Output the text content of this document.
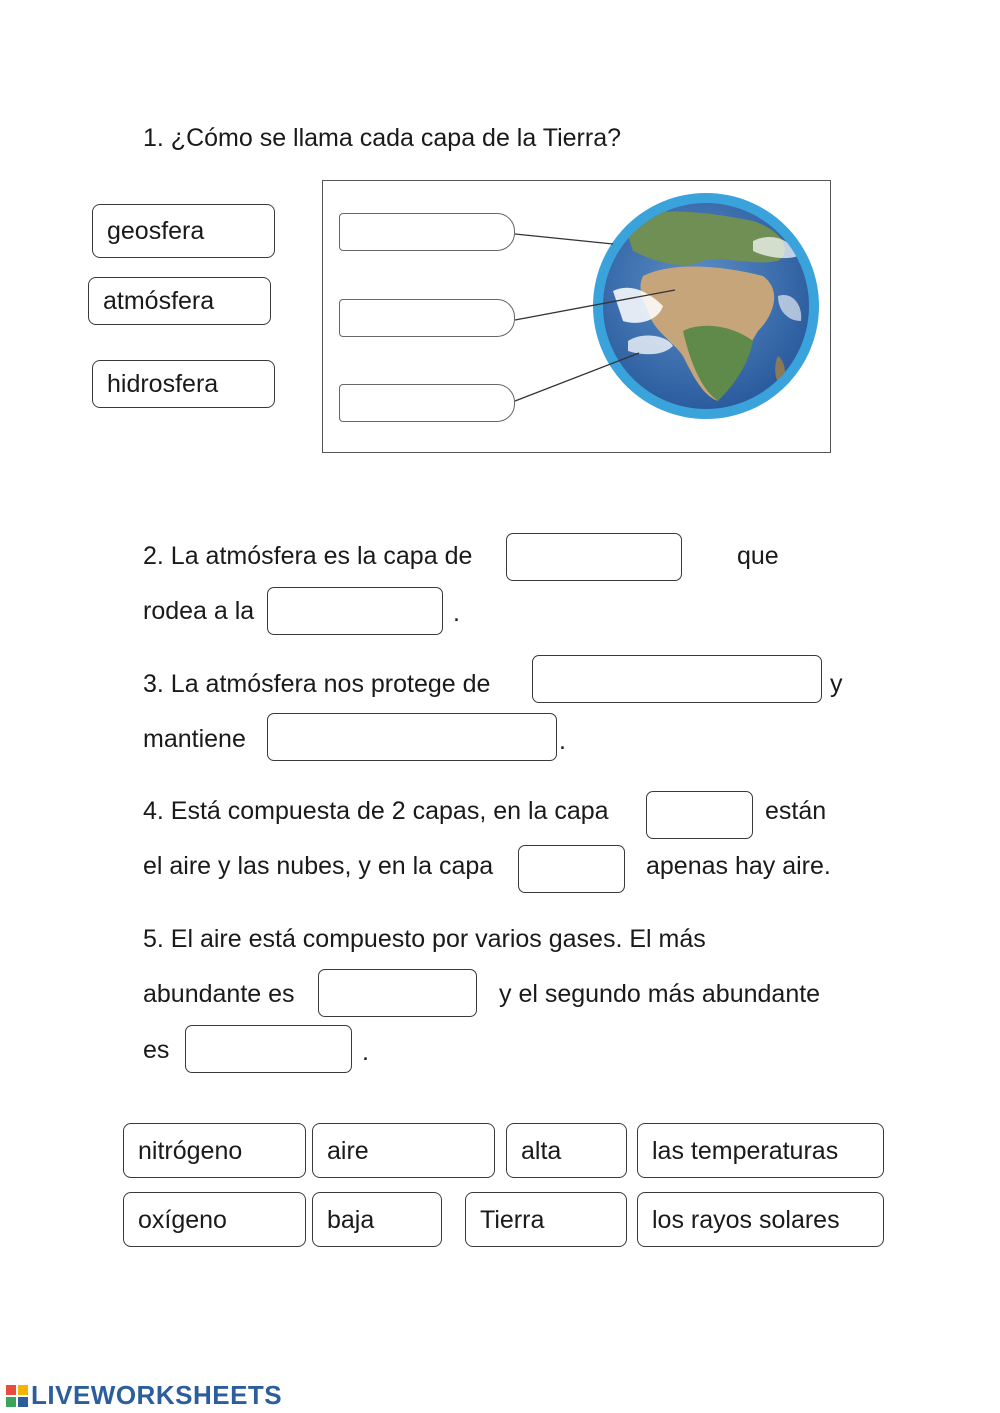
1. ¿Cómo se llama cada capa de la Tierra?
geosfera
atmósfera
hidrosfera
2. La atmósfera es la capa de	que
rodea a la	.
3. La atmósfera nos protege de	y
mantiene	.
4. Está compuesta de 2 capas, en la capa	están
el aire y las nubes, y en la capa	apenas hay aire.
5. El aire está compuesto por varios gases. El más
abundante es	y el segundo más abundante
es	.
nitrógeno	aire	alta	las temperaturas
oxígeno	baja	Tierra	los rayos solares
LIVEWORKSHEETS
